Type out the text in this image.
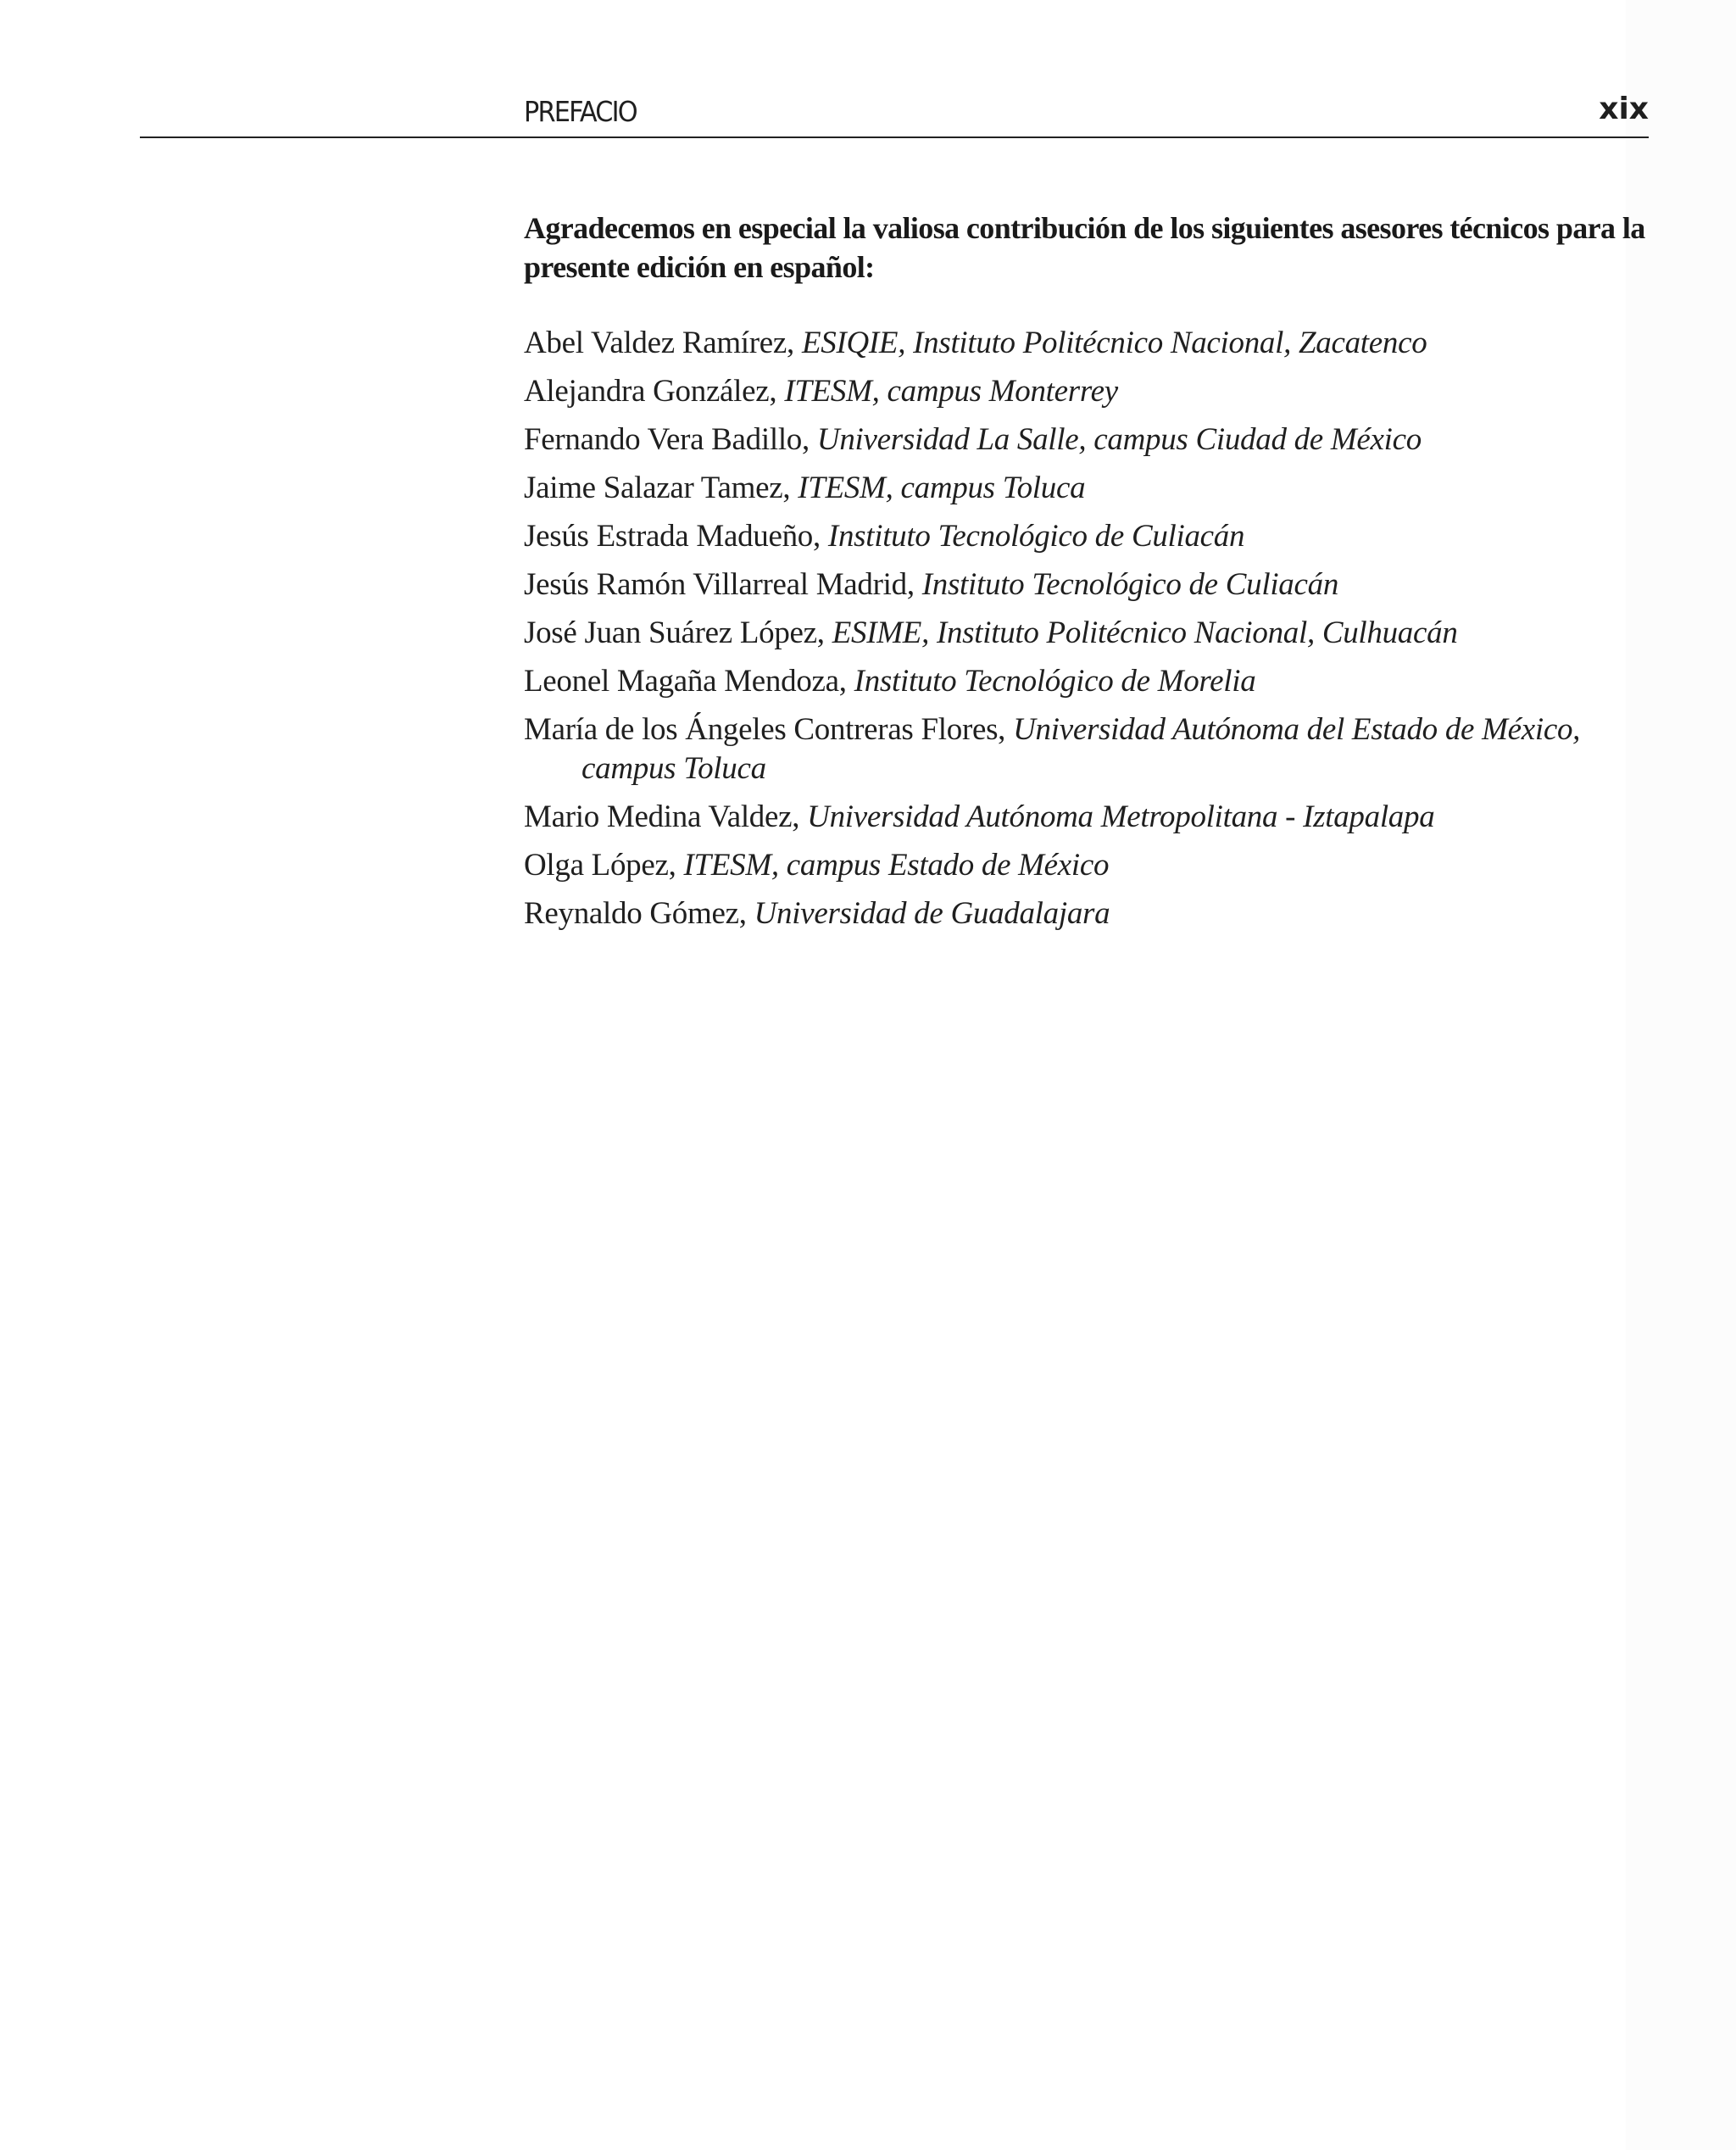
PREFACIO	xix

Agradecemos en especial la valiosa contribución de los siguientes asesores técnicos para la presente edición en español:

Abel Valdez Ramírez, ESIQIE, Instituto Politécnico Nacional, Zacatenco
Alejandra González, ITESM, campus Monterrey
Fernando Vera Badillo, Universidad La Salle, campus Ciudad de México
Jaime Salazar Tamez, ITESM, campus Toluca
Jesús Estrada Madueño, Instituto Tecnológico de Culiacán
Jesús Ramón Villarreal Madrid, Instituto Tecnológico de Culiacán
José Juan Suárez López, ESIME, Instituto Politécnico Nacional, Culhuacán
Leonel Magaña Mendoza, Instituto Tecnológico de Morelia
María de los Ángeles Contreras Flores, Universidad Autónoma del Estado de México, campus Toluca
Mario Medina Valdez, Universidad Autónoma Metropolitana - Iztapalapa
Olga López, ITESM, campus Estado de México
Reynaldo Gómez, Universidad de Guadalajara
